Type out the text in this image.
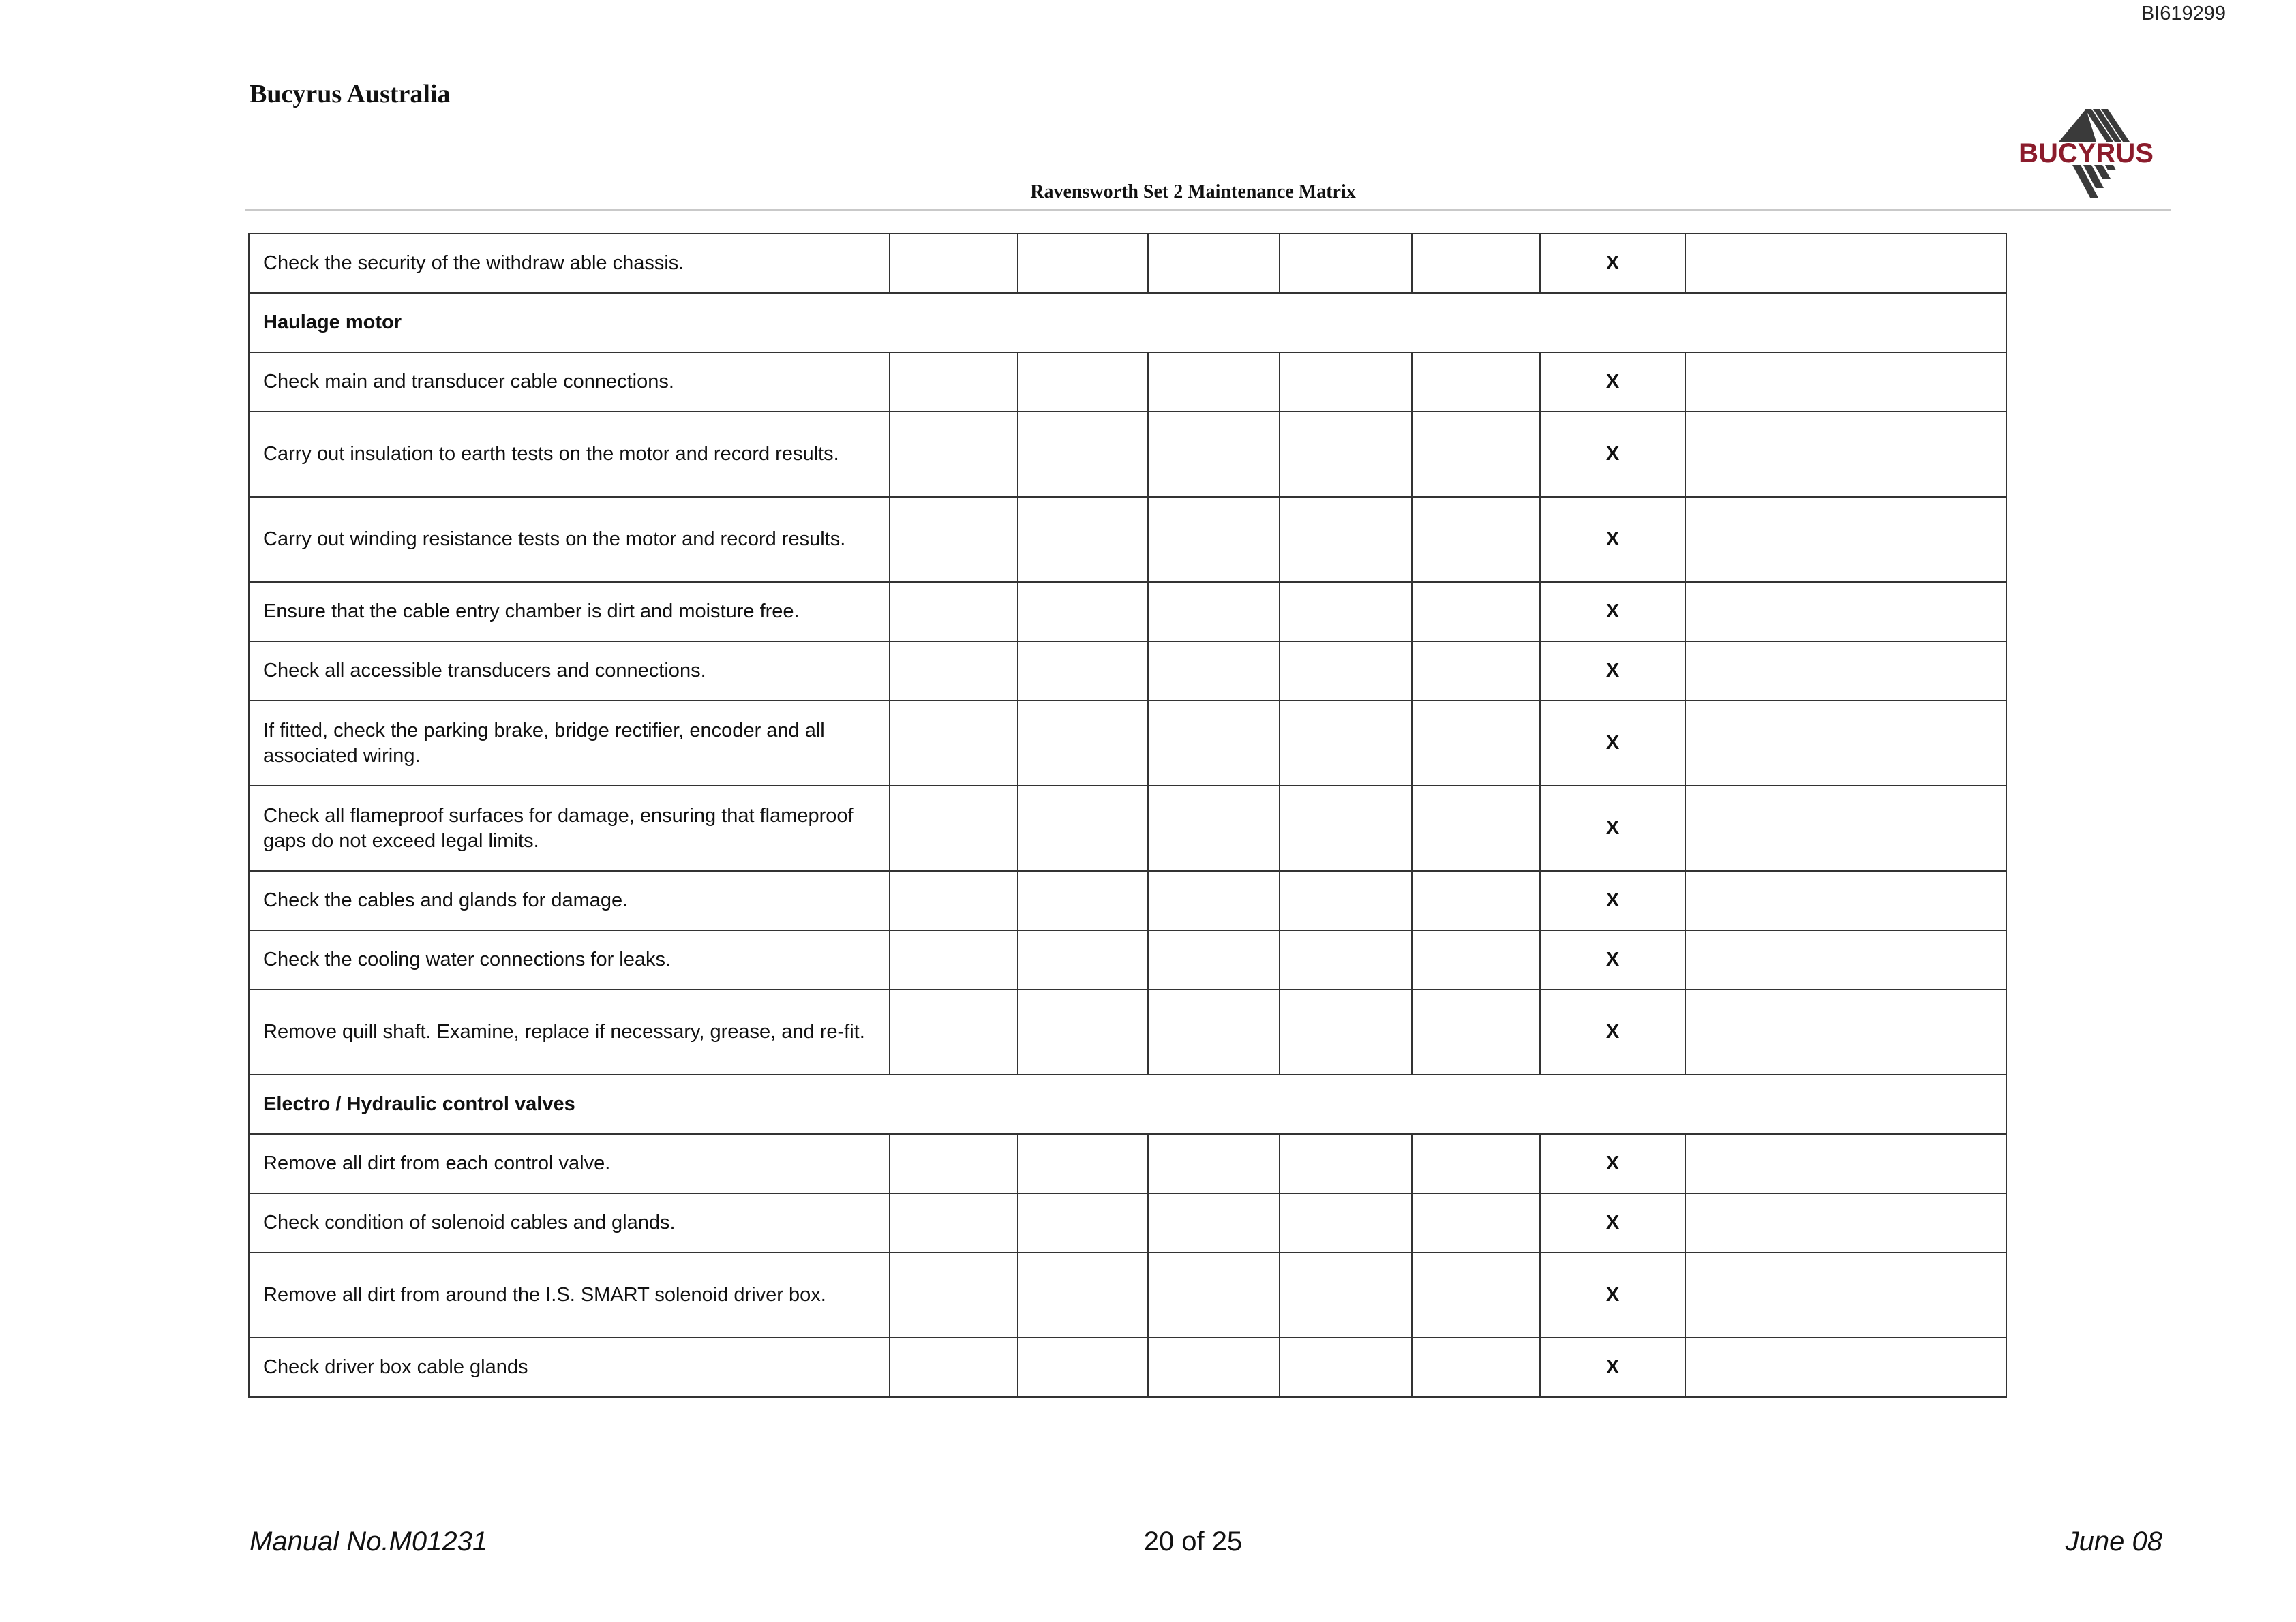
BI619299
Bucyrus Australia
BUCYRUS
Ravensworth Set 2 Maintenance Matrix
Check the security of the withdraw able chassis.						X	
Haulage motor							
Check main and transducer cable connections.						X	
Carry out insulation to earth tests on the motor and record results.						X	
Carry out winding resistance tests on the motor and record results.						X	
Ensure that the cable entry chamber is dirt and moisture free.						X	
Check all accessible transducers and connections.						X	
If fitted, check the parking brake, bridge rectifier, encoder and all associated wiring.						X	
Check all flameproof surfaces for damage, ensuring that flameproof gaps do not exceed legal limits.						X	
Check the cables and glands for damage.						X	
Check the cooling water connections for leaks.						X	
Remove quill shaft. Examine, replace if necessary, grease, and re-fit.						X	
Electro / Hydraulic control valves							
Remove all dirt from each control valve.						X	
Check condition of solenoid cables and glands.						X	
Remove all dirt from around the I.S. SMART solenoid driver box.						X	
Check driver box cable glands						X	
Manual No.M01231	20 of 25	June 08
